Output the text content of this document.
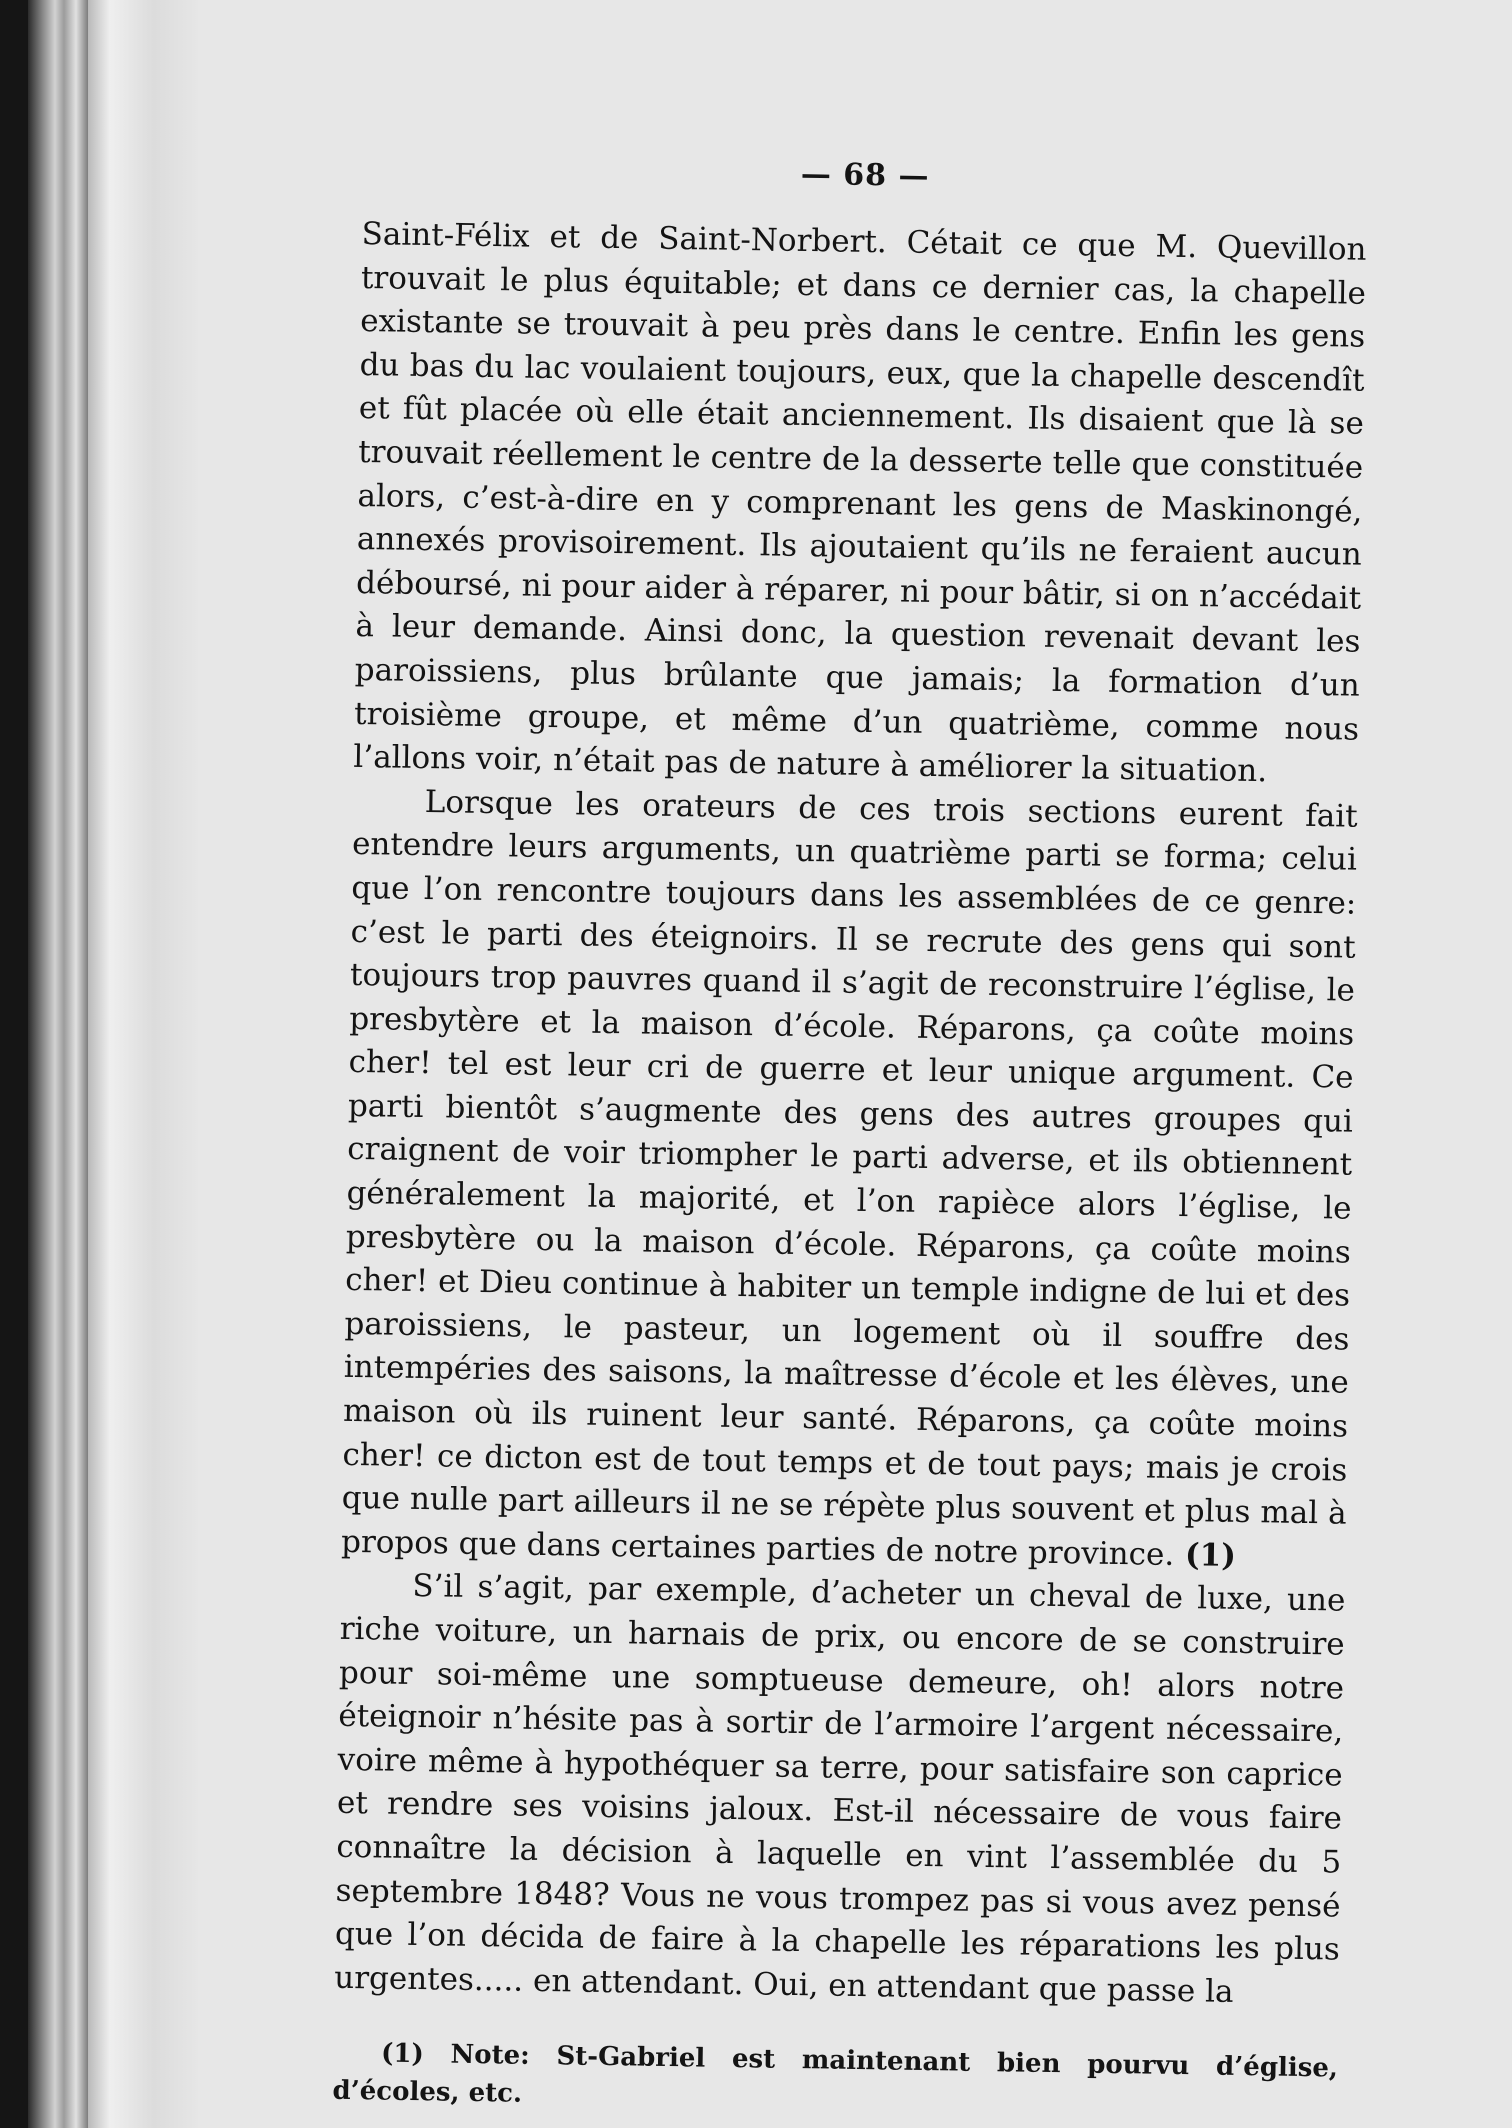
— 68 —

Saint-Félix et de Saint-Norbert. Cétait ce que M. Quevillon trouvait le plus équitable; et dans ce dernier cas, la chapelle existante se trouvait à peu près dans le centre. Enfin les gens du bas du lac voulaient toujours, eux, que la chapelle descendît et fût placée où elle était anciennement. Ils disaient que là se trouvait réellement le centre de la desserte telle que constituée alors, c’est-à-dire en y comprenant les gens de Maskinongé, annexés provisoirement. Ils ajoutaient qu’ils ne feraient aucun déboursé, ni pour aider à réparer, ni pour bâtir, si on n’accédait à leur demande. Ainsi donc, la question revenait devant les paroissiens, plus brûlante que jamais; la formation d’un troisième groupe, et même d’un quatrième, comme nous l’allons voir, n’était pas de nature à améliorer la situation.

Lorsque les orateurs de ces trois sections eurent fait entendre leurs arguments, un quatrième parti se forma; celui que l’on rencontre toujours dans les assemblées de ce genre: c’est le parti des éteignoirs. Il se recrute des gens qui sont toujours trop pauvres quand il s’agit de reconstruire l’église, le presbytère et la maison d’école. Réparons, ça coûte moins cher! tel est leur cri de guerre et leur unique argument. Ce parti bientôt s’augmente des gens des autres groupes qui craignent de voir triompher le parti adverse, et ils obtiennent généralement la majorité, et l’on rapièce alors l’église, le presbytère ou la maison d’école. Réparons, ça coûte moins cher! et Dieu continue à habiter un temple indigne de lui et des paroissiens, le pasteur, un logement où il souffre des intempéries des saisons, la maîtresse d’école et les élèves, une maison où ils ruinent leur santé. Réparons, ça coûte moins cher! ce dicton est de tout temps et de tout pays; mais je crois que nulle part ailleurs il ne se répète plus souvent et plus mal à propos que dans certaines parties de notre province. (1)

S’il s’agit, par exemple, d’acheter un cheval de luxe, une riche voiture, un harnais de prix, ou encore de se construire pour soi-même une somptueuse demeure, oh! alors notre éteignoir n’hésite pas à sortir de l’armoire l’argent nécessaire, voire même à hypothéquer sa terre, pour satisfaire son caprice et rendre ses voisins jaloux. Est-il nécessaire de vous faire connaître la décision à laquelle en vint l’assemblée du 5 septembre 1848? Vous ne vous trompez pas si vous avez pensé que l’on décida de faire à la chapelle les réparations les plus urgentes..... en attendant. Oui, en attendant que passe la

(1) Note: St-Gabriel est maintenant bien pourvu d’église, d’écoles, etc.
